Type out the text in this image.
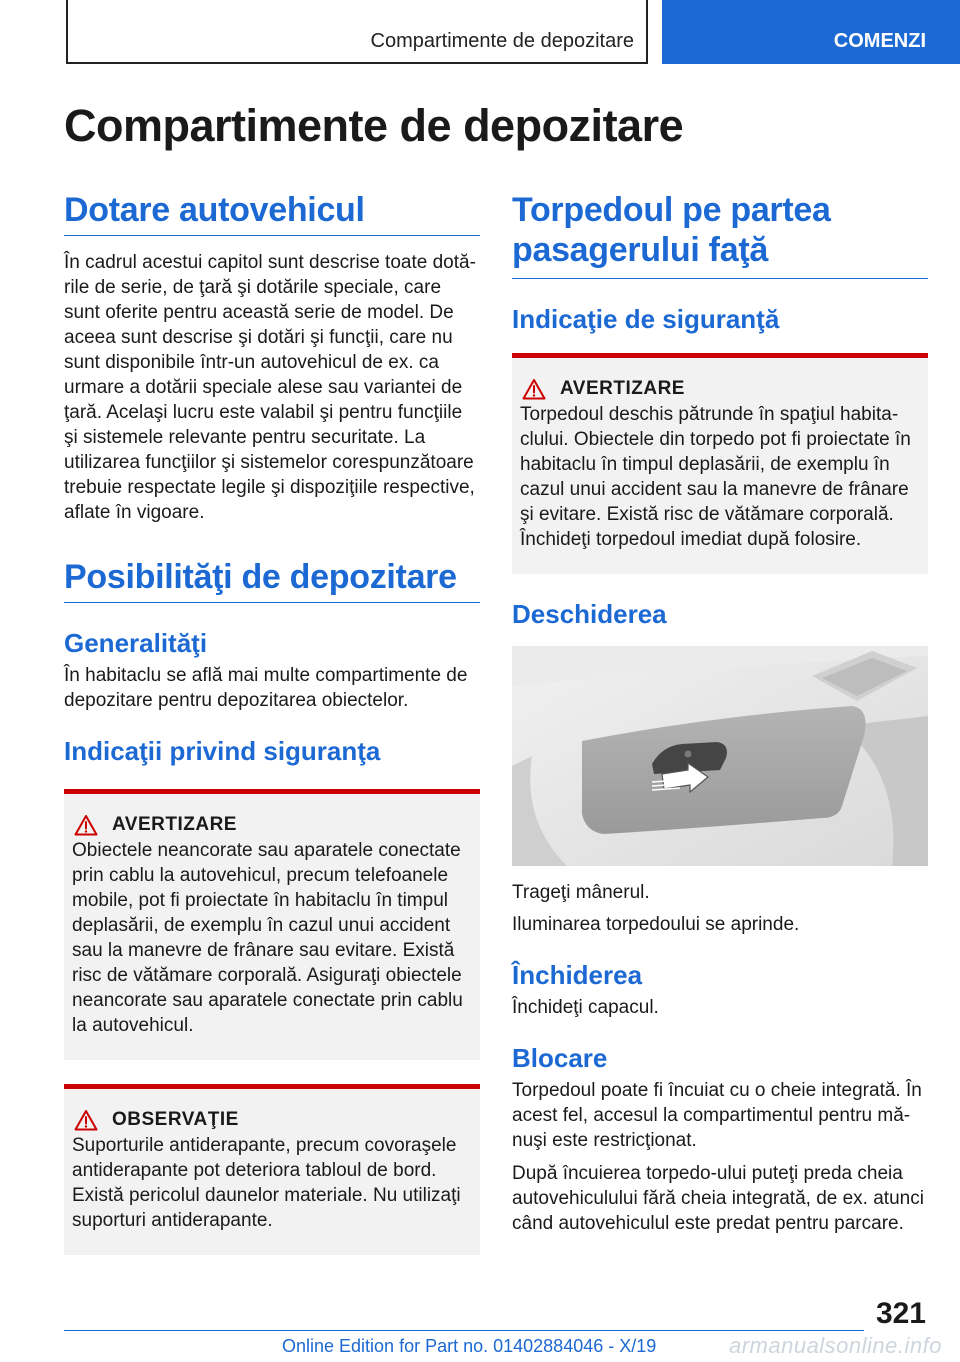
Compartimente de depozitare	COMENZI
Compartimente de depozitare
Dotare autovehicul

În cadrul acestui capitol sunt descrise toate dotările de serie, de ţară şi dotările speciale, care sunt oferite pentru această serie de model. De aceea sunt descrise şi dotări şi funcţii, care nu sunt disponibile într-un autovehicul de ex. ca urmare a dotării speciale alese sau variantei de ţară. Acelaşi lucru este valabil şi pentru funcţiile şi sistemele relevante pentru securitate. La utilizarea funcţiilor şi sistemelor corespunzătoare trebuie respectate legile şi dispoziţiile respective, aflate în vigoare.

Posibilităţi de depozitare
Generalităţi

În habitaclu se află mai multe compartimente de depozitare pentru depozitarea obiectelor.

Indicaţii privind siguranţa
AVERTIZARE

Obiectele neancorate sau aparatele conectate prin cablu la autovehicul, precum telefoanele mobile, pot fi proiectate în habitaclu în timpul deplasării, de exemplu în cazul unui accident sau la manevre de frânare sau evitare. Există risc de vătămare corporală. Asiguraţi obiectele neancorate sau aparatele conectate prin cablu la autovehicul.

OBSERVAŢIE

Suporturile antiderapante, precum covoraşele antiderapante pot deteriora tabloul de bord. Există pericolul daunelor materiale. Nu utilizaţi suporturi antiderapante.

Torpedoul pe partea pasagerului faţă
Indicaţie de siguranţă
AVERTIZARE

Torpedoul deschis pătrunde în spaţiul habitaclului. Obiectele din torpedo pot fi proiectate în habitaclu în timpul deplasării, de exemplu în cazul unui accident sau la manevre de frânare şi evitare. Există risc de vătămare corporală. Închideţi torpedoul imediat după folosire.

Deschiderea

Trageţi mânerul.

Iluminarea torpedoului se aprinde.

Închiderea

Închideţi capacul.

Blocare

Torpedoul poate fi încuiat cu o cheie integrată. În acest fel, accesul la compartimentul pentru mănuşi este restricţionat.

După încuierea torpedo-ului puteţi preda cheia autovehiculului fără cheia integrată, de ex. atunci când autovehiculul este predat pentru parcare.

321
Online Edition for Part no. 01402884046 - X/19	armanualsonline.info
